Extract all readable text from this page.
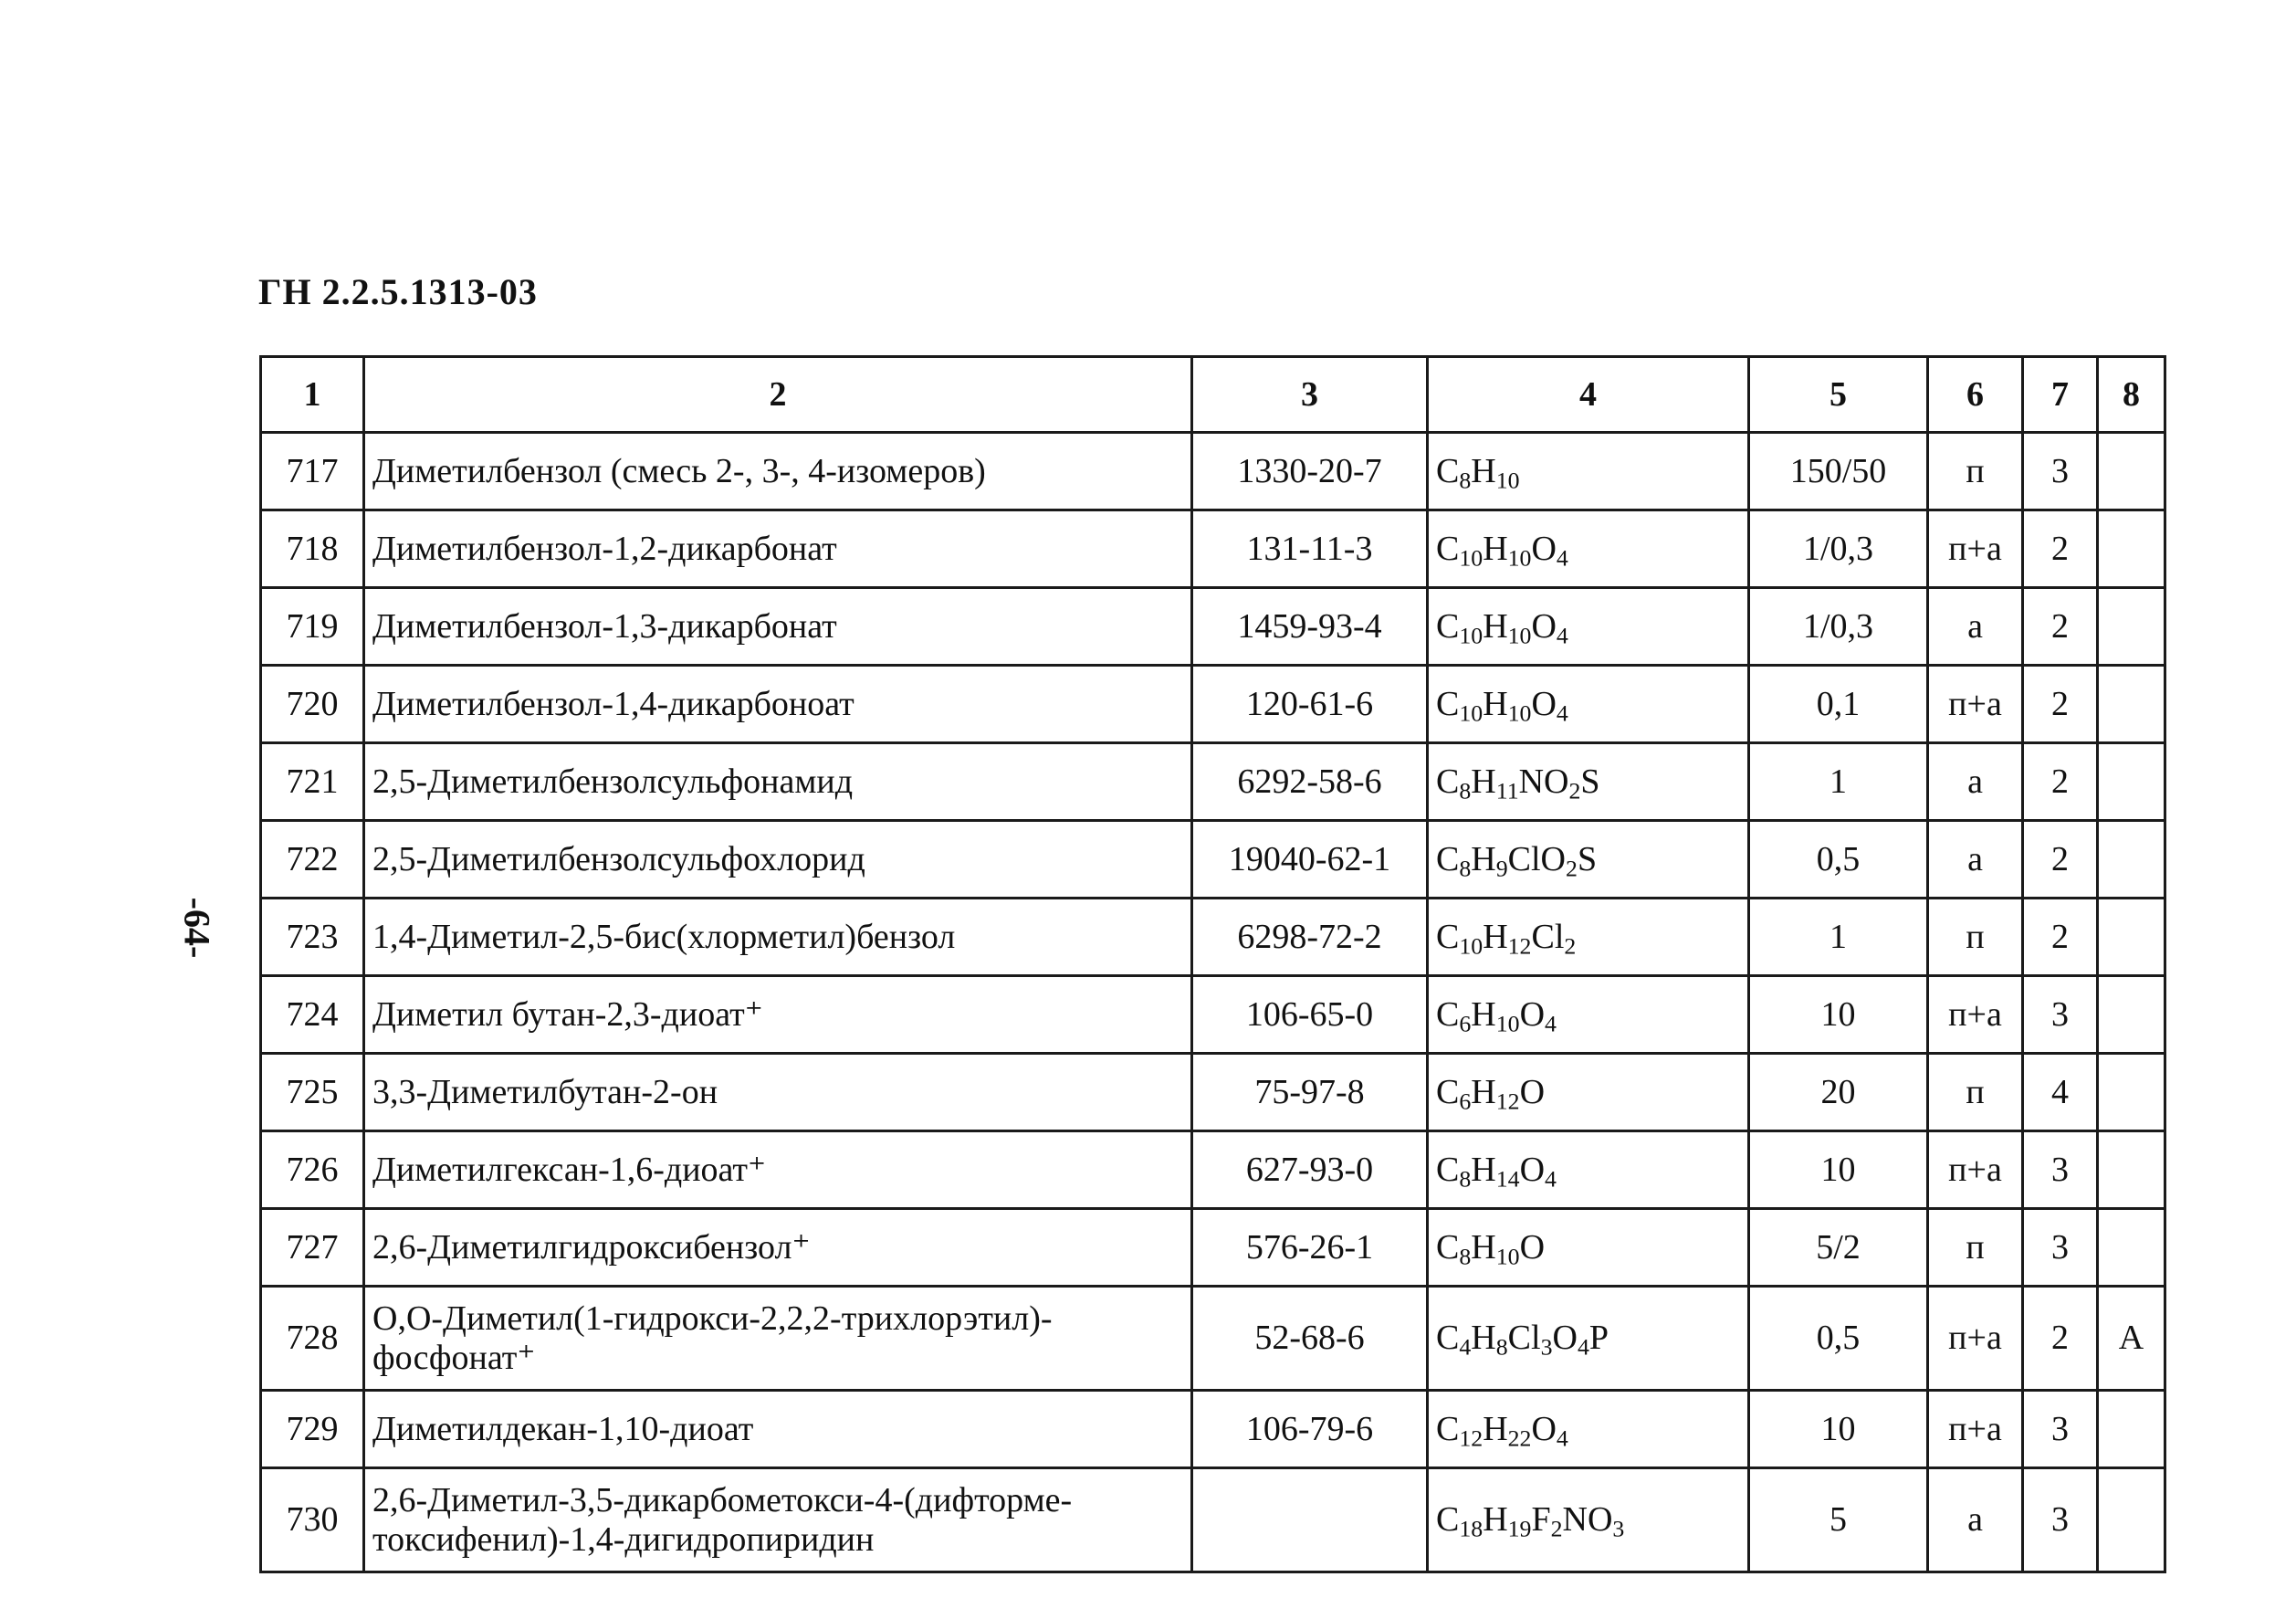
ГН 2.2.5.1313-03
-64-
1	2	3	4	5	6	7	8
717	Диметилбензол (смесь 2-, 3-, 4-изомеров)	1330-20-7	$C_8H_{10}$	150/50	п	3	
718	Диметилбензол-1,2-дикарбонат	131-11-3	$C_{10}H_{10}O_4$	1/0,3	п+а	2	
719	Диметилбензол-1,3-дикарбонат	1459-93-4	$C_{10}H_{10}O_4$	1/0,3	а	2	
720	Диметилбензол-1,4-дикарбоноат	120-61-6	$C_{10}H_{10}O_4$	0,1	п+а	2	
721	2,5-Диметилбензолсульфонамид	6292-58-6	$C_8H_{11}NO_2S$	1	а	2	
722	2,5-Диметилбензолсульфохлорид	19040-62-1	$C_8H_9ClO_2S$	0,5	а	2	
723	1,4-Диметил-2,5-бис(хлорметил)бензол	6298-72-2	$C_{10}H_{12}Cl_2$	1	п	2	
724	Диметил бутан-2,3-диоат⁺	106-65-0	$C_6H_{10}O_4$	10	п+а	3	
725	3,3-Диметилбутан-2-он	75-97-8	$C_6H_{12}O$	20	п	4	
726	Диметилгексан-1,6-диоат⁺	627-93-0	$C_8H_{14}O_4$	10	п+а	3	
727	2,6-Диметилгидроксибензол⁺	576-26-1	$C_8H_{10}O$	5/2	п	3	
728	О,О-Диметил(1-гидрокси-2,2,2-трихлорэтил)-
фосфонат⁺	52-68-6	$C_4H_8Cl_3O_4P$	0,5	п+а	2	А
729	Диметилдекан-1,10-диоат	106-79-6	$C_{12}H_{22}O_4$	10	п+а	3	
730	2,6-Диметил-3,5-дикарбометокси-4-(дифторме-
токсифенил)-1,4-дигидропиридин		$C_{18}H_{19}F_2NO_3$	5	а	3	
